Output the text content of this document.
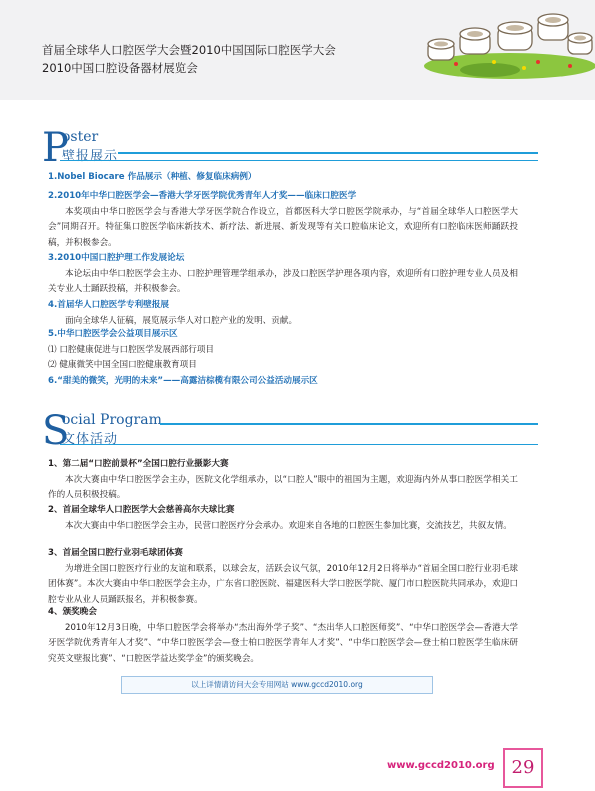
首届全球华人口腔医学大会暨2010中国国际口腔医学大会
2010中国口腔设备器材展览会
P
oster
壁报展示
1.Nobel Biocare 作品展示（种植、修复临床病例）
2.2010年中华口腔医学会—香港大学牙医学院优秀青年人才奖——临床口腔医学
本奖项由中华口腔医学会与香港大学牙医学院合作设立，首都医科大学口腔医学院承办，与“首届全球华人口腔医学大会”同期召开。特征集口腔医学临床新技术、新疗法、新进展、新发现等有关口腔临床论文，欢迎所有口腔临床医师踊跃投稿，并积极参会。
3.2010中国口腔护理工作发展论坛
本论坛由中华口腔医学会主办、口腔护理管理学组承办，涉及口腔医学护理各项内容，欢迎所有口腔护理专业人员及相关专业人士踊跃投稿，并积极参会。
4.首届华人口腔医学专利壁报展
面向全球华人征稿，展览展示华人对口腔产业的发明、贡献。
5.中华口腔医学会公益项目展示区
⑴ 口腔健康促进与口腔医学发展西部行项目
⑵ 健康微笑中国全国口腔健康教育项目
6.“甜美的微笑，光明的未来”——高露洁棕榄有限公司公益活动展示区
S
ocial Program
文体活动
1、第二届“口腔前景杯”全国口腔行业摄影大赛
本次大赛由中华口腔医学会主办，医院文化学组承办，以“口腔人”眼中的祖国为主题，欢迎海内外从事口腔医学相关工作的人员积极投稿。
2、首届全球华人口腔医学大会慈善高尔夫球比赛
本次大赛由中华口腔医学会主办，民营口腔医疗分会承办。欢迎来自各地的口腔医生参加比赛，交流技艺，共叙友情。
3、首届全国口腔行业羽毛球团体赛
为增进全国口腔医疗行业的友谊和联系，以球会友，活跃会议气氛，2010年12月2日将举办“首届全国口腔行业羽毛球团体赛”。本次大赛由中华口腔医学会主办，广东省口腔医院、福建医科大学口腔医学院、厦门市口腔医院共同承办，欢迎口腔专业从业人员踊跃报名，并积极参赛。
4、颁奖晚会
2010年12月3日晚，中华口腔医学会将举办“杰出海外学子奖”、“杰出华人口腔医师奖”、“中华口腔医学会—香港大学牙医学院优秀青年人才奖”、“中华口腔医学会—登士柏口腔医学青年人才奖”、“中华口腔医学会—登士柏口腔医学生临床研究英文壁报比赛”、“口腔医学益达奖学金”的颁奖晚会。
以上详情请访问大会专用网站 www.gccd2010.org
www.gccd2010.org 29
